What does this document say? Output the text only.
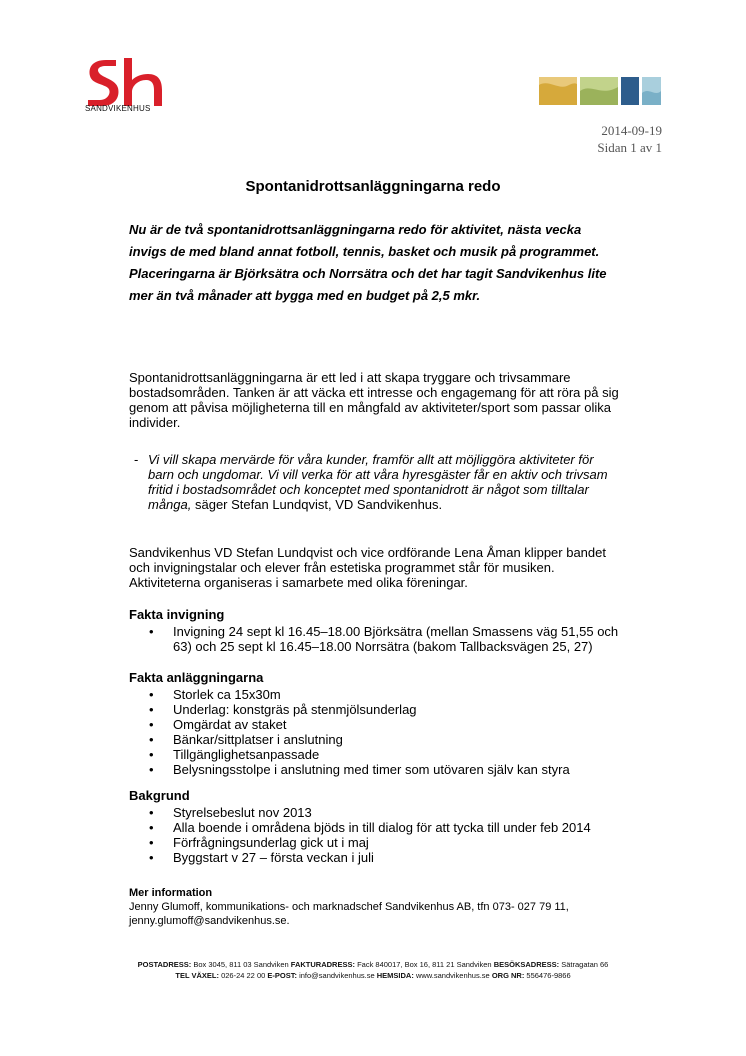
SANDVIKENHUS
2014-09-19
Sidan 1 av 1
Spontanidrottsanläggningarna redo

Nu är de två spontanidrottsanläggningarna redo för aktivitet, nästa vecka invigs de med bland annat fotboll, tennis, basket och musik på programmet. Placeringarna är Björksätra och Norrsätra och det har tagit Sandvikenhus lite mer än två månader att bygga med en budget på 2,5 mkr.

Spontanidrottsanläggningarna är ett led i att skapa tryggare och trivsammare bostadsområden. Tanken är att väcka ett intresse och engagemang för att röra på sig genom att påvisa möjligheterna till en mångfald av aktiviteter/sport som passar olika individer.

- Vi vill skapa mervärde för våra kunder, framför allt att möjliggöra aktiviteter för barn och ungdomar. Vi vill verka för att våra hyresgäster får en aktiv och trivsam fritid i bostadsområdet och konceptet med spontanidrott är något som tilltalar många, säger Stefan Lundqvist, VD Sandvikenhus.

Sandvikenhus VD Stefan Lundqvist och vice ordförande Lena Åman klipper bandet och invigningstalar och elever från estetiska programmet står för musiken. Aktiviteterna organiseras i samarbete med olika föreningar.

Fakta invigning
• Invigning 24 sept kl 16.45–18.00 Björksätra (mellan Smassens väg 51,55 och 63) och 25 sept kl 16.45–18.00 Norrsätra (bakom Tallbacksvägen 25, 27)
Fakta anläggningarna
• Storlek ca 15x30m
• Underlag: konstgräs på stenmjölsunderlag
• Omgärdat av staket
• Bänkar/sittplatser i anslutning
• Tillgänglighetsanpassade
• Belysningsstolpe i anslutning med timer som utövaren själv kan styra
Bakgrund
• Styrelsebeslut nov 2013
• Alla boende i områdena bjöds in till dialog för att tycka till under feb 2014
• Förfrågningsunderlag gick ut i maj
• Byggstart v 27 – första veckan i juli
Mer information
Jenny Glumoff, kommunikations- och marknadschef Sandvikenhus AB, tfn 073- 027 79 11, jenny.glumoff@sandvikenhus.se.
POSTADRESS: Box 3045, 811 03 Sandviken FAKTURADRESS: Fack 840017, Box 16, 811 21 Sandviken BESÖKSADRESS: Sätragatan 66
TEL VÄXEL: 026-24 22 00 E-POST: info@sandvikenhus.se HEMSIDA: www.sandvikenhus.se ORG NR: 556476-9866
